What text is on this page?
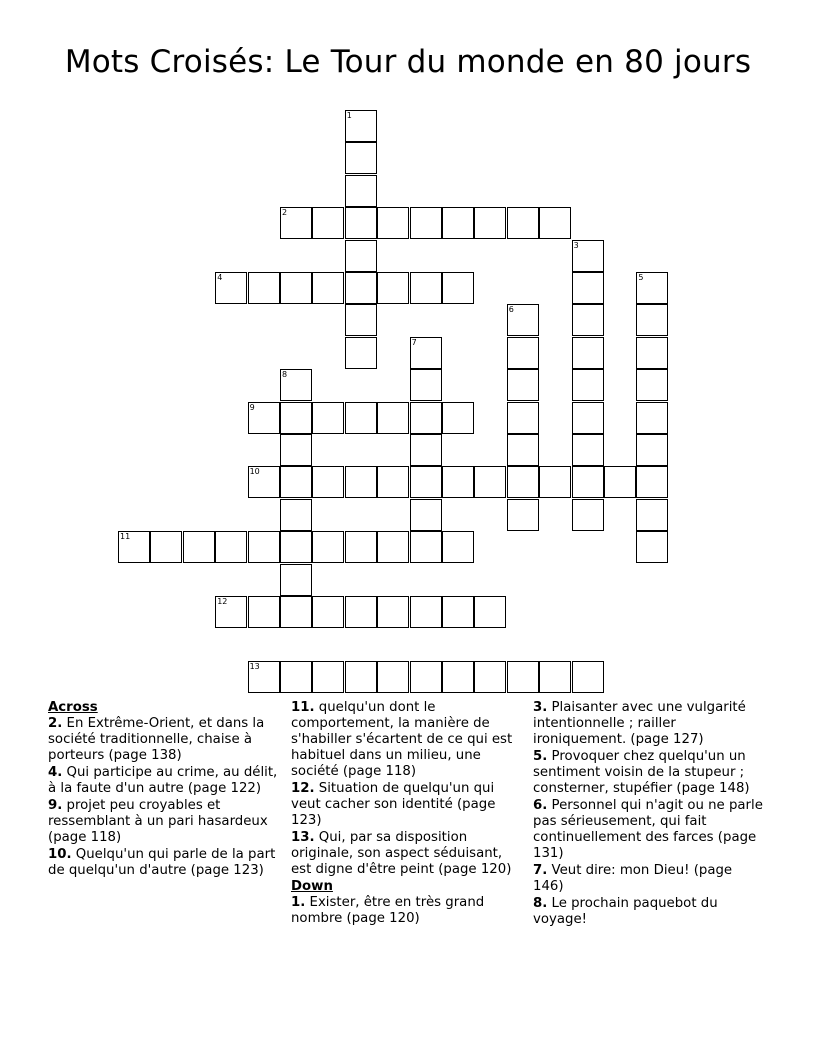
Mots Croisés: Le Tour du monde en 80 jours
1
2
3
4	5
6
7
8
9
10
11
12
13
Across
2. En Extrême-Orient, et dans la société traditionnelle, chaise à porteurs (page 138)
4. Qui participe au crime, au délit, à la faute d'un autre (page 122)
9. projet peu croyables et ressemblant à un pari hasardeux (page 118)
10. Quelqu'un qui parle de la part de quelqu'un d'autre (page 123)
11. quelqu'un dont le comportement, la manière de s'habiller s'écartent de ce qui est habituel dans un milieu, une société (page 118)
12. Situation de quelqu'un qui veut cacher son identité (page 123)
13. Qui, par sa disposition originale, son aspect séduisant, est digne d'être peint (page 120)
Down
1. Exister, être en très grand nombre (page 120)
3. Plaisanter avec une vulgarité intentionnelle ; railler ironiquement. (page 127)
5. Provoquer chez quelqu'un un sentiment voisin de la stupeur ; consterner, stupéfier (page 148)
6. Personnel qui n'agit ou ne parle pas sérieusement, qui fait continuellement des farces (page 131)
7. Veut dire: mon Dieu! (page 146)
8. Le prochain paquebot du voyage!
